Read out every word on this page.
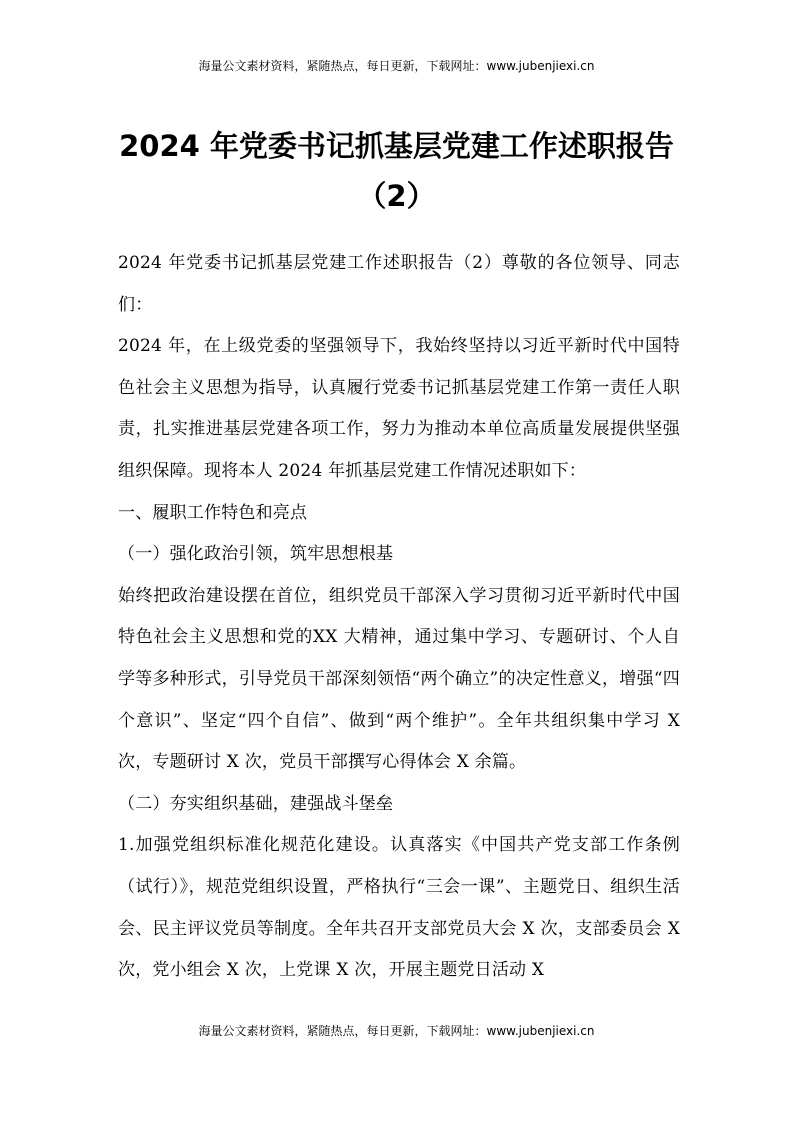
海量公文素材资料，紧随热点，每日更新，下载网址：www.jubenjiexi.cn
2024 年党委书记抓基层党建工作述职报告
（2）

2024 年党委书记抓基层党建工作述职报告（2）尊敬的各位领导、同志们：

2024 年，在上级党委的坚强领导下，我始终坚持以习近平新时代中国特色社会主义思想为指导，认真履行党委书记抓基层党建工作第一责任人职责，扎实推进基层党建各项工作，努力为推动本单位高质量发展提供坚强组织保障。现将本人 2024 年抓基层党建工作情况述职如下：

一、履职工作特色和亮点

（一）强化政治引领，筑牢思想根基

始终把政治建设摆在首位，组织党员干部深入学习贯彻习近平新时代中国特色社会主义思想和党的XX 大精神，通过集中学习、专题研讨、个人自学等多种形式，引导党员干部深刻领悟“两个确立”的决定性意义，增强“四个意识”、坚定“四个自信”、做到“两个维护”。全年共组织集中学习 X 次，专题研讨 X 次，党员干部撰写心得体会 X 余篇。

（二）夯实组织基础，建强战斗堡垒

1.加强党组织标准化规范化建设。认真落实《中国共产党支部工作条例（试行）》，规范党组织设置，严格执行“三会一课”、主题党日、组织生活会、民主评议党员等制度。全年共召开支部党员大会 X 次，支部委员会 X 次，党小组会 X 次，上党课 X 次，开展主题党日活动 X

海量公文素材资料，紧随热点，每日更新，下载网址：www.jubenjiexi.cn
